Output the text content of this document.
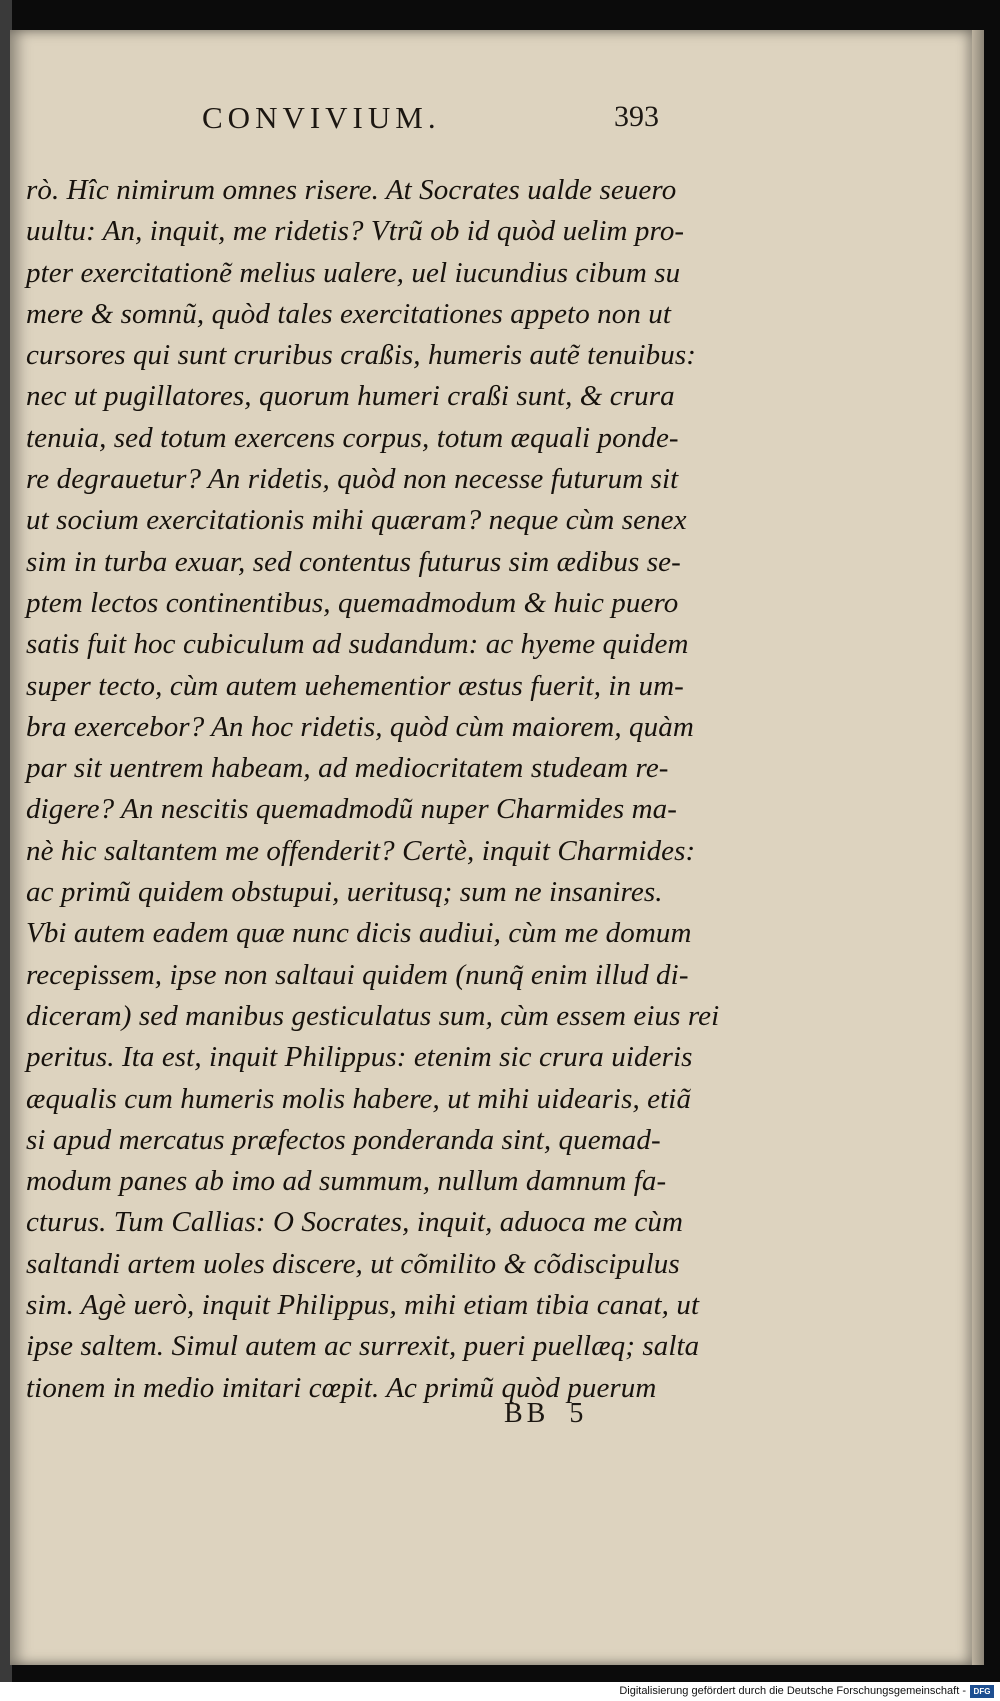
CONVIVIUM.	393
rò. Hîc nimirum omnes risere. At Socrates ualde seuero
uultu: An, inquit, me ridetis? Vtrũ ob id quòd uelim pro-
pter exercitationẽ melius ualere, uel iucundius cibum su
mere & somnũ, quòd tales exercitationes appeto non ut
cursores qui sunt cruribus craßis, humeris autẽ tenuibus:
nec ut pugillatores, quorum humeri craßi sunt, & crura
tenuia, sed totum exercens corpus, totum æquali ponde-
re degrauetur? An ridetis, quòd non necesse futurum sit
ut socium exercitationis mihi quæram? neque cùm senex
sim in turba exuar, sed contentus futurus sim ædibus se-
ptem lectos continentibus, quemadmodum & huic puero
satis fuit hoc cubiculum ad sudandum: ac hyeme quidem
super tecto, cùm autem uehementior æstus fuerit, in um-
bra exercebor? An hoc ridetis, quòd cùm maiorem, quàm
par sit uentrem habeam, ad mediocritatem studeam re-
digere? An nescitis quemadmodũ nuper Charmides ma-
nè hic saltantem me offenderit? Certè, inquit Charmides:
ac primũ quidem obstupui, ueritusq; sum ne insanires.
Vbi autem eadem quæ nunc dicis audiui, cùm me domum
recepissem, ipse non saltaui quidem (nunq̃ enim illud di-
diceram) sed manibus gesticulatus sum, cùm essem eius rei
peritus. Ita est, inquit Philippus: etenim sic crura uideris
æqualis cum humeris molis habere, ut mihi uidearis, etiã
si apud mercatus præfectos ponderanda sint, quemad-
modum panes ab imo ad summum, nullum damnum fa-
cturus. Tum Callias: O Socrates, inquit, aduoca me cùm
saltandi artem uoles discere, ut cõmilito & cõdiscipulus
sim. Agè uerò, inquit Philippus, mihi etiam tibia canat, ut
ipse saltem. Simul autem ac surrexit, pueri puellæq; salta
tionem in medio imitari cœpit. Ac primũ quòd puerum
BB 5
Digitalisierung gefördert durch die Deutsche Forschungsgemeinschaft - DFG
